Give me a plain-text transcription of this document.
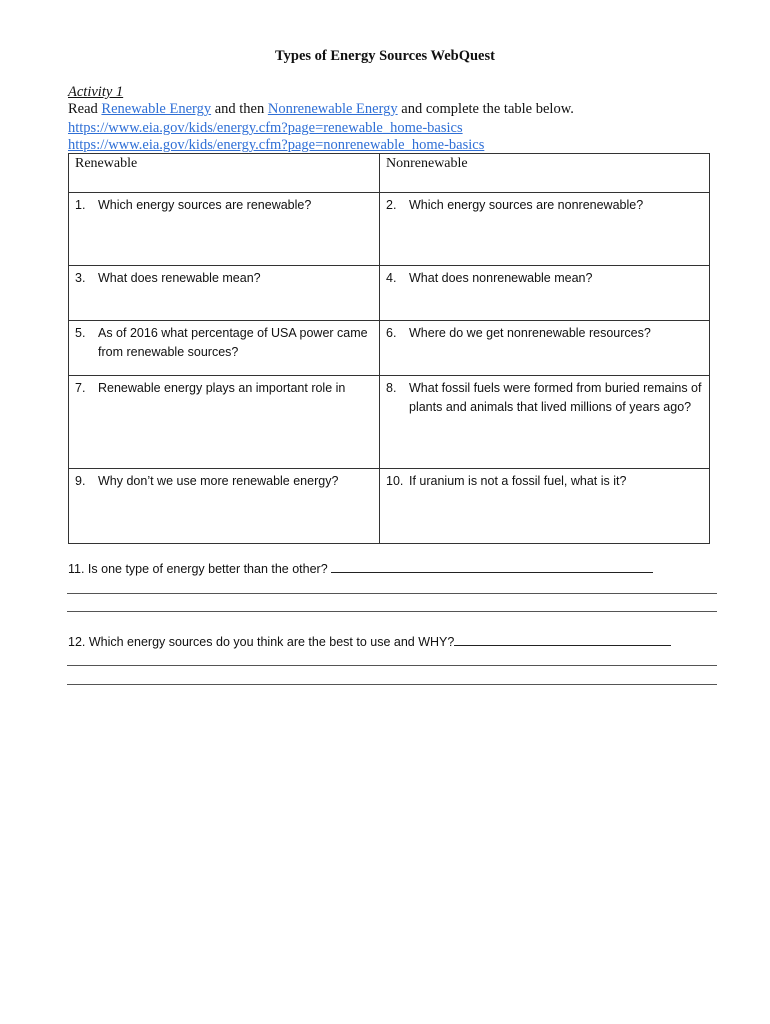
Types of Energy Sources WebQuest
Activity 1
Read Renewable Energy and then Nonrenewable Energy and complete the table below.
https://www.eia.gov/kids/energy.cfm?page=renewable_home-basics
https://www.eia.gov/kids/energy.cfm?page=nonrenewable_home-basics
Renewable	Nonrenewable

1. Which energy sources are renewable?	2. Which energy sources are nonrenewable?

3. What does renewable mean?	4. What does nonrenewable mean?

5. As of 2016 what percentage of USA power came from renewable sources?	6. Where do we get nonrenewable resources?

7. Renewable energy plays an important role in	8. What fossil fuels were formed from buried remains of plants and animals that lived millions of years ago?

9. Why don’t we use more renewable energy?	10. If uranium is not a fossil fuel, what is it?
11. Is one type of energy better than the other?
12. Which energy sources do you think are the best to use and WHY?
